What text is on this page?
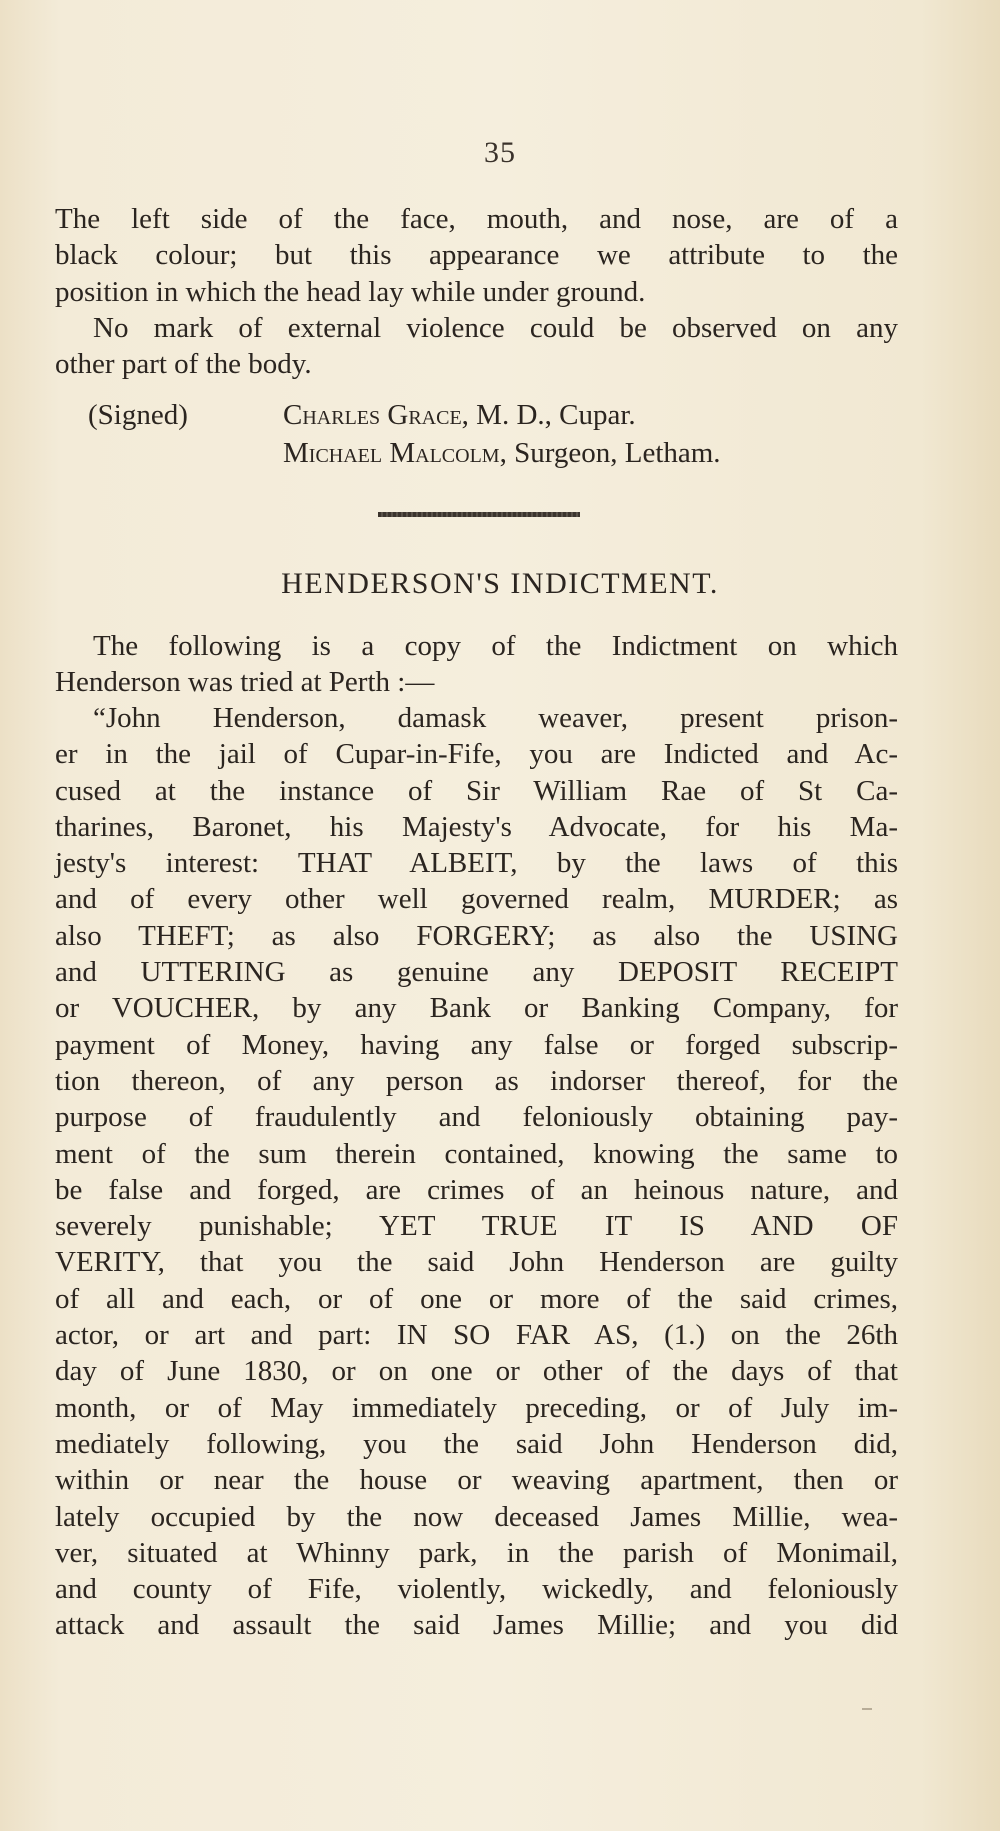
35
The left side of the face, mouth, and nose, are of a
black colour; but this appearance we attribute to the
position in which the head lay while under ground.
No mark of external violence could be observed on any
other part of the body.
(Signed)	Charles Grace, M. D., Cupar.
Michael Malcolm, Surgeon, Letham.
HENDERSON'S INDICTMENT.
The following is a copy of the Indictment on which
Henderson was tried at Perth :—
“John Henderson, damask weaver, present prison-
er in the jail of Cupar-in-Fife, you are Indicted and Ac-
cused at the instance of Sir William Rae of St Ca-
tharines, Baronet, his Majesty's Advocate, for his Ma-
jesty's interest: THAT ALBEIT, by the laws of this
and of every other well governed realm, MURDER; as
also THEFT; as also FORGERY; as also the USING
and UTTERING as genuine any DEPOSIT RECEIPT
or VOUCHER, by any Bank or Banking Company, for
payment of Money, having any false or forged subscrip-
tion thereon, of any person as indorser thereof, for the
purpose of fraudulently and feloniously obtaining pay-
ment of the sum therein contained, knowing the same to
be false and forged, are crimes of an heinous nature, and
severely punishable; YET TRUE IT IS AND OF
VERITY, that you the said John Henderson are guilty
of all and each, or of one or more of the said crimes,
actor, or art and part: IN SO FAR AS, (1.) on the 26th
day of June 1830, or on one or other of the days of that
month, or of May immediately preceding, or of July im-
mediately following, you the said John Henderson did,
within or near the house or weaving apartment, then or
lately occupied by the now deceased James Millie, wea-
ver, situated at Whinny park, in the parish of Monimail,
and county of Fife, violently, wickedly, and feloniously
attack and assault the said James Millie; and you did
